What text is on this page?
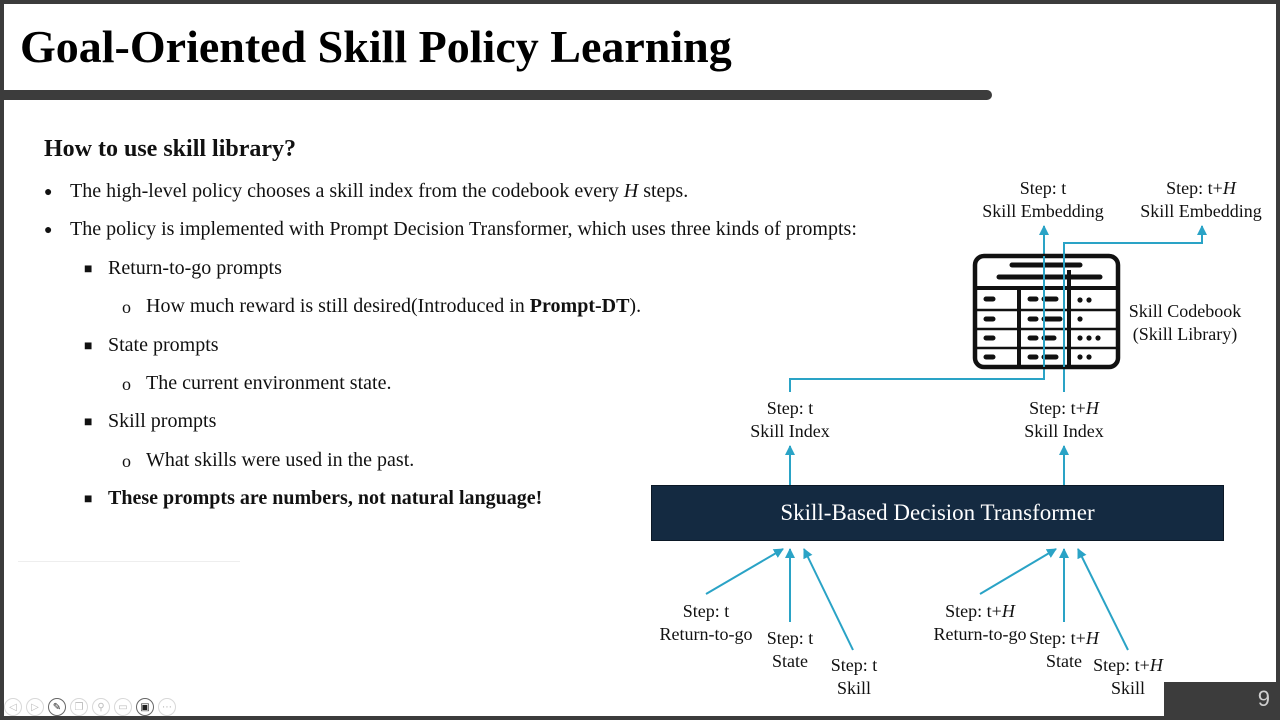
Goal-Oriented Skill Policy Learning
How to use skill library?
● The high-level policy chooses a skill index from the codebook every H steps.
● The policy is implemented with Prompt Decision Transformer, which uses three kinds of prompts:
■ Return-to-go prompts
o How much reward is still desired(Introduced in Prompt-DT).
■ State prompts
o The current environment state.
■ Skill prompts
o What skills were used in the past.
■ These prompts are numbers, not natural language!
Step: t
Skill Embedding
Step: t+H
Skill Embedding
Skill Codebook
(Skill Library)
Step: t
Skill Index
Step: t+H
Skill Index
Skill-Based Decision Transformer
Step: t
Return-to-go Step: t
State	Step: t
Skill
Step: t+H
Return-to-go Step: t+H
State Step: t+H
Skill	9
◁	▷	✎	❐	⚲	▭	▣	⋯
